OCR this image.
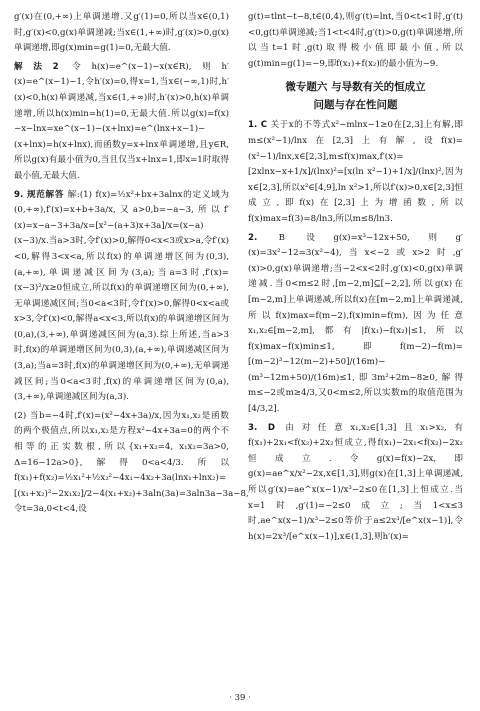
g′(x)在(0,+∞)上单调递增.又g′(1)=0,所以当x∈(0,1)时,g′(x)<0,g(x)单调递减;当x∈(1,+∞)时,g′(x)>0,g(x)单调递增,即g(x)min=g(1)=0,无最大值.

解法2 令h(x)=e^(x−1)−x(x∈R),则h′(x)=e^(x−1)−1,令h′(x)=0,得x=1,当x∈(−∞,1)时,h′(x)<0,h(x)单调递减,当x∈(1,+∞)时,h′(x)>0,h(x)单调递增,所以h(x)min=h(1)=0,无最大值.所以g(x)=f(x)−x−lnx=xe^(x−1)−(x+lnx)=e^(lnx+x−1)−(x+lnx)=h(x+lnx),而函数y=x+lnx单调递增,且y∈R,所以g(x)有最小值为0,当且仅当x+lnx=1,即x=1时取得最小值,无最大值.

9. 规范解答 解:(1) f(x)=½x²+bx+3alnx的定义域为(0,+∞),f′(x)=x+b+3a/x,又a>0,b=−a−3,所以f′(x)=x−a−3+3a/x=[x²−(a+3)x+3a]/x=(x−a)(x−3)/x.当a>3时,令f′(x)>0,解得0<x<3或x>a,令f′(x)<0,解得3<x<a,所以f(x)的单调递增区间为(0,3),(a,+∞),单调递减区间为(3,a);当a=3时,f′(x)=(x−3)²/x≥0恒成立,所以f(x)的单调递增区间为(0,+∞),无单调递减区间;当0<a<3时,令f′(x)>0,解得0<x<a或x>3,令f′(x)<0,解得a<x<3,所以f(x)的单调递增区间为(0,a),(3,+∞),单调递减区间为(a,3).综上所述,当a>3时,f(x)的单调递增区间为(0,3),(a,+∞),单调递减区间为(3,a);当a=3时,f(x)的单调递增区间为(0,+∞),无单调递减区间;当0<a<3时,f(x)的单调递增区间为(0,a),(3,+∞),单调递减区间为(a,3).

(2) 当b=−4时,f′(x)=(x²−4x+3a)/x,因为x₁,x₂是函数的两个极值点,所以x₁,x₂是方程x²−4x+3a=0的两个不相等的正实数根,所以{x₁+x₂=4, x₁x₂=3a>0, Δ=16−12a>0},解得0<a<4/3.所以f(x₁)+f(x₂)=½x₁²+½x₂²−4x₁−4x₂+3a(lnx₁+lnx₂)=[(x₁+x₂)²−2x₁x₂]/2−4(x₁+x₂)+3aln(3a)=3aln3a−3a−8,令t=3a,0<t<4,设

g(t)=tlnt−t−8,t∈(0,4),则g′(t)=lnt,当0<t<1时,g′(t)<0,g(t)单调递减;当1<t<4时,g′(t)>0,g(t)单调递增,所以当t=1时,g(t)取得极小值即最小值,所以g(t)min=g(1)=−9,即f(x₁)+f(x₂)的最小值为−9.

微专题六 与导数有关的恒成立
问题与存在性问题

1. C 关于x的不等式x²−mlnx−1≥0在[2,3]上有解,即m≤(x²−1)/lnx在[2,3]上有解,设f(x)=(x²−1)/lnx,x∈[2,3],m≤f(x)max,f′(x)=[2xlnx−x+1/x]/(lnx)²=[x(ln x²−1)+1/x]/(lnx)²,因为x∈[2,3],所以x²∈[4,9],ln x²>1,所以f′(x)>0,x∈[2,3]恒成立,即f(x)在[2,3]上为增函数,所以f(x)max=f(3)=8/ln3,所以m≤8/ln3.

2. B 设g(x)=x³−12x+50,则g′(x)=3x²−12=3(x²−4),当x<−2或x>2时,g′(x)>0,g(x)单调递增;当−2<x<2时,g′(x)<0,g(x)单调递减.当0<m≤2时,[m−2,m]⊆[−2,2],所以g(x)在[m−2,m]上单调递减,所以f(x)在[m−2,m]上单调递减,所以f(x)max=f(m−2),f(x)min=f(m),因为任意x₁,x₂∈[m−2,m],都有|f(x₁)−f(x₂)|≤1,所以f(x)max−f(x)min≤1,即f(m−2)−f(m)=[(m−2)³−12(m−2)+50]/(16m)−(m³−12m+50)/(16m)≤1,即3m²+2m−8≥0,解得m≤−2或m≥4/3,又0<m≤2,所以实数m的取值范围为[4/3,2].

3. D 由对任意x₁,x₂∈[1,3]且x₁>x₂,有f(x₁)+2x₁<f(x₂)+2x₂恒成立,得f(x₁)−2x₁<f(x₂)−2x₂恒成立.令g(x)=f(x)−2x,即g(x)=ae^x/x²−2x,x∈[1,3],则g(x)在[1,3]上单调递减,所以g′(x)=ae^x(x−1)/x³−2≤0在[1,3]上恒成立.当x=1时,g′(1)=−2≤0成立;当1<x≤3时,ae^x(x−1)/x³−2≤0等价于a≤2x³/[e^x(x−1)],令h(x)=2x³/[e^x(x−1)],x∈(1,3],则h′(x)=

· 39 ·
